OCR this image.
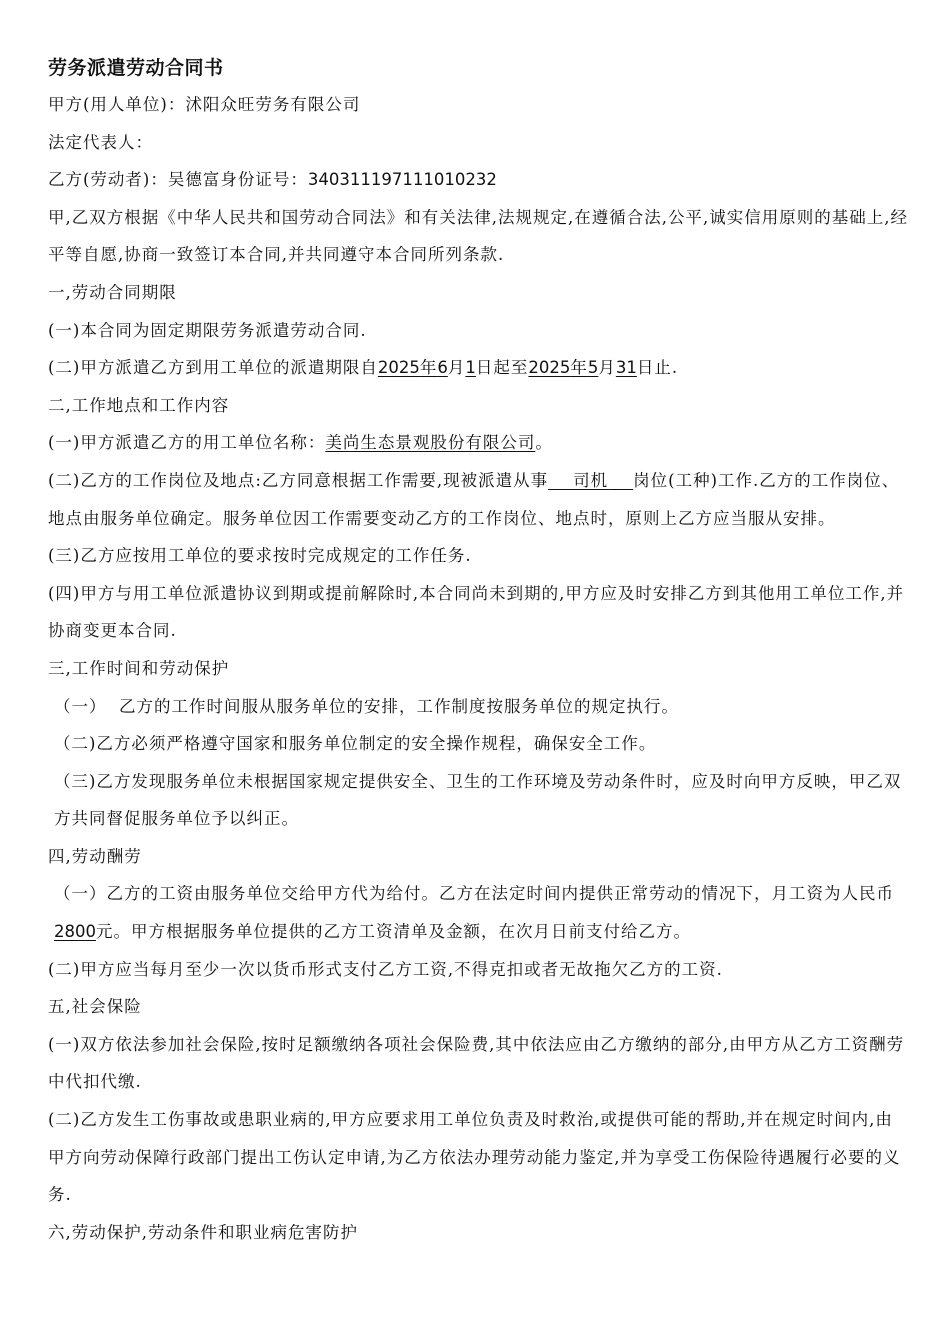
劳务派遣劳动合同书

甲方(用人单位)：沭阳众旺劳务有限公司

法定代表人：

乙方(劳动者)：吴德富身份证号：340311197111010232

甲,乙双方根据《中华人民共和国劳动合同法》和有关法律,法规规定,在遵循合法,公平,诚实信用原则的基础上,经平等自愿,协商一致签订本合同,并共同遵守本合同所列条款.

一,劳动合同期限

(一)本合同为固定期限劳务派遣劳动合同.

(二)甲方派遣乙方到用工单位的派遣期限自2025年6月1日起至2025年5月31日止.

二,工作地点和工作内容

(一)甲方派遣乙方的用工单位名称：美尚生态景观股份有限公司。

(二)乙方的工作岗位及地点:乙方同意根据工作需要,现被派遣从事 司机 岗位(工种)工作.乙方的工作岗位、地点由服务单位确定。服务单位因工作需要变动乙方的工作岗位、地点时，原则上乙方应当服从安排。

(三)乙方应按用工单位的要求按时完成规定的工作任务.

(四)甲方与用工单位派遣协议到期或提前解除时,本合同尚未到期的,甲方应及时安排乙方到其他用工单位工作,并协商变更本合同.

三,工作时间和劳动保护

（一）  乙方的工作时间服从服务单位的安排，工作制度按服务单位的规定执行。

（二)乙方必须严格遵守国家和服务单位制定的安全操作规程，确保安全工作。

（三)乙方发现服务单位未根据国家规定提供安全、卫生的工作环境及劳动条件时，应及时向甲方反映，甲乙双方共同督促服务单位予以纠正。

四,劳动酬劳

（一）乙方的工资由服务单位交给甲方代为给付。乙方在法定时间内提供正常劳动的情况下，月工资为人民币2800元。甲方根据服务单位提供的乙方工资清单及金额，在次月日前支付给乙方。

(二)甲方应当每月至少一次以货币形式支付乙方工资,不得克扣或者无故拖欠乙方的工资.

五,社会保险

(一)双方依法参加社会保险,按时足额缴纳各项社会保险费,其中依法应由乙方缴纳的部分,由甲方从乙方工资酬劳中代扣代缴.

(二)乙方发生工伤事故或患职业病的,甲方应要求用工单位负责及时救治,或提供可能的帮助,并在规定时间内,由甲方向劳动保障行政部门提出工伤认定申请,为乙方依法办理劳动能力鉴定,并为享受工伤保险待遇履行必要的义务.

六,劳动保护,劳动条件和职业病危害防护
